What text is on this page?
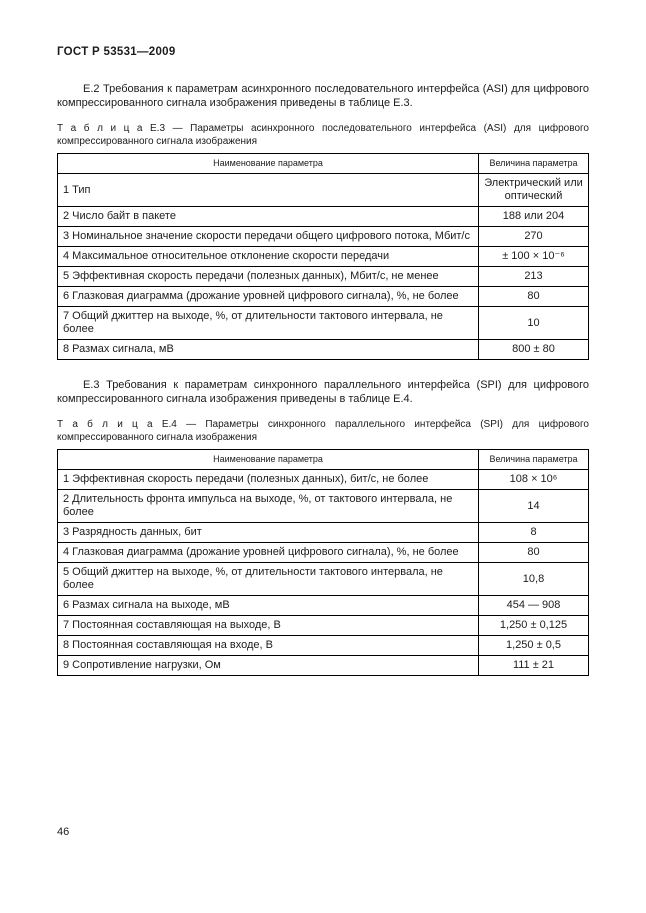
ГОСТ Р 53531—2009

Е.2 Требования к параметрам асинхронного последовательного интерфейса (ASI) для цифрового компрессированного сигнала изображения приведены в таблице Е.3.

Т а б л и ц а Е.3 — Параметры асинхронного последовательного интерфейса (ASI) для цифрового компрессированного сигнала изображения

Наименование параметра	Величина параметра
1 Тип	Электрический или оптический
2 Число байт в пакете	188 или 204
3 Номинальное значение скорости передачи общего цифрового потока, Мбит/с	270
4 Максимальное относительное отклонение скорости передачи	± 100 × 10⁻⁶
5 Эффективная скорость передачи (полезных данных), Мбит/с, не менее	213
6 Глазковая диаграмма (дрожание уровней цифрового сигнала), %, не более	80
7 Общий джиттер на выходе, %, от длительности тактового интервала, не более	10
8 Размах сигнала, мВ	800 ± 80

Е.3 Требования к параметрам синхронного параллельного интерфейса (SPI) для цифрового компрессированного сигнала изображения приведены в таблице Е.4.

Т а б л и ц а Е.4 — Параметры синхронного параллельного интерфейса (SPI) для цифрового компрессированного сигнала изображения

Наименование параметра	Величина параметра
1 Эффективная скорость передачи (полезных данных), бит/с, не более	108 × 10⁶
2 Длительность фронта импульса на выходе, %, от тактового интервала, не более	14
3 Разрядность данных, бит	8
4 Глазковая диаграмма (дрожание уровней цифрового сигнала), %, не более	80
5 Общий джиттер на выходе, %, от длительности тактового интервала, не более	10,8
6 Размах сигнала на выходе, мВ	454 — 908
7 Постоянная составляющая на выходе, В	1,250 ± 0,125
8 Постоянная составляющая на входе, В	1,250 ± 0,5
9 Сопротивление нагрузки, Ом	111 ± 21
46
